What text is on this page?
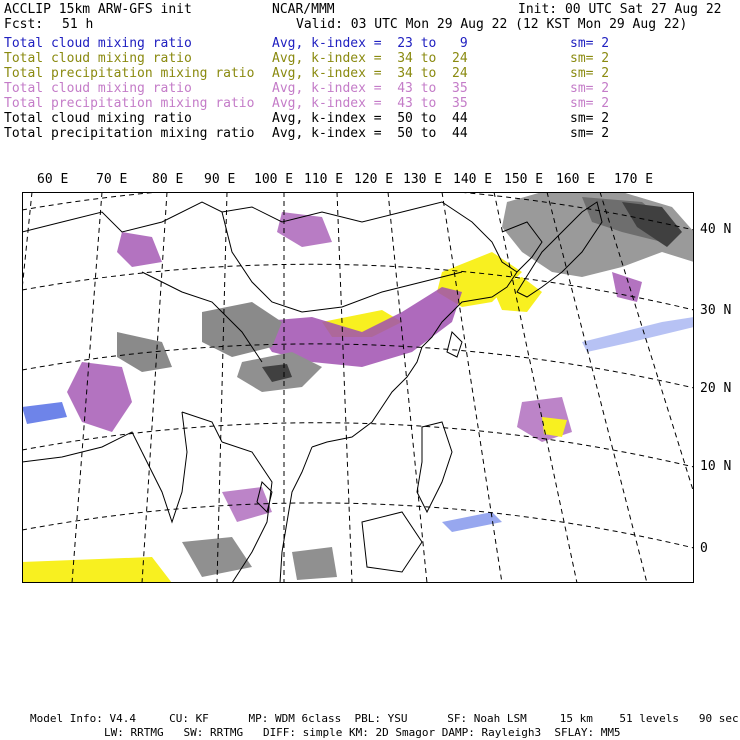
ACCLIP 15km ARW-GFS init	NCAR/MMM	Init: 00 UTC Sat 27 Aug 22
Fcst: 51 h	Valid: 03 UTC Mon 29 Aug 22 (12 KST Mon 29 Aug 22)
Total cloud mixing ratio	Avg, k-index =  23 to   9	sm= 2
Total cloud mixing ratio	Avg, k-index =  34 to  24	sm= 2
Total precipitation mixing ratio Avg, k-index =  34 to  24	sm= 2
Total cloud mixing ratio	Avg, k-index =  43 to  35	sm= 2
Total precipitation mixing ratio Avg, k-index =  43 to  35	sm= 2
Total cloud mixing ratio	Avg, k-index =  50 to  44	sm= 2
Total precipitation mixing ratio Avg, k-index =  50 to  44	sm= 2
60 E 70 E 80 E 90 E 100 E 110 E 120 E 130 E 140 E 150 E 160 E 170 E
40 N
30 N
20 N
10 N
0
Model Info: V4.4     CU: KF      MP: WDM 6class  PBL: YSU      SF: Noah LSM     15 km    51 levels   90 sec
LW: RRTMG   SW: RRTMG   DIFF: simple KM: 2D Smagor DAMP: Rayleigh3  SFLAY: MM5
